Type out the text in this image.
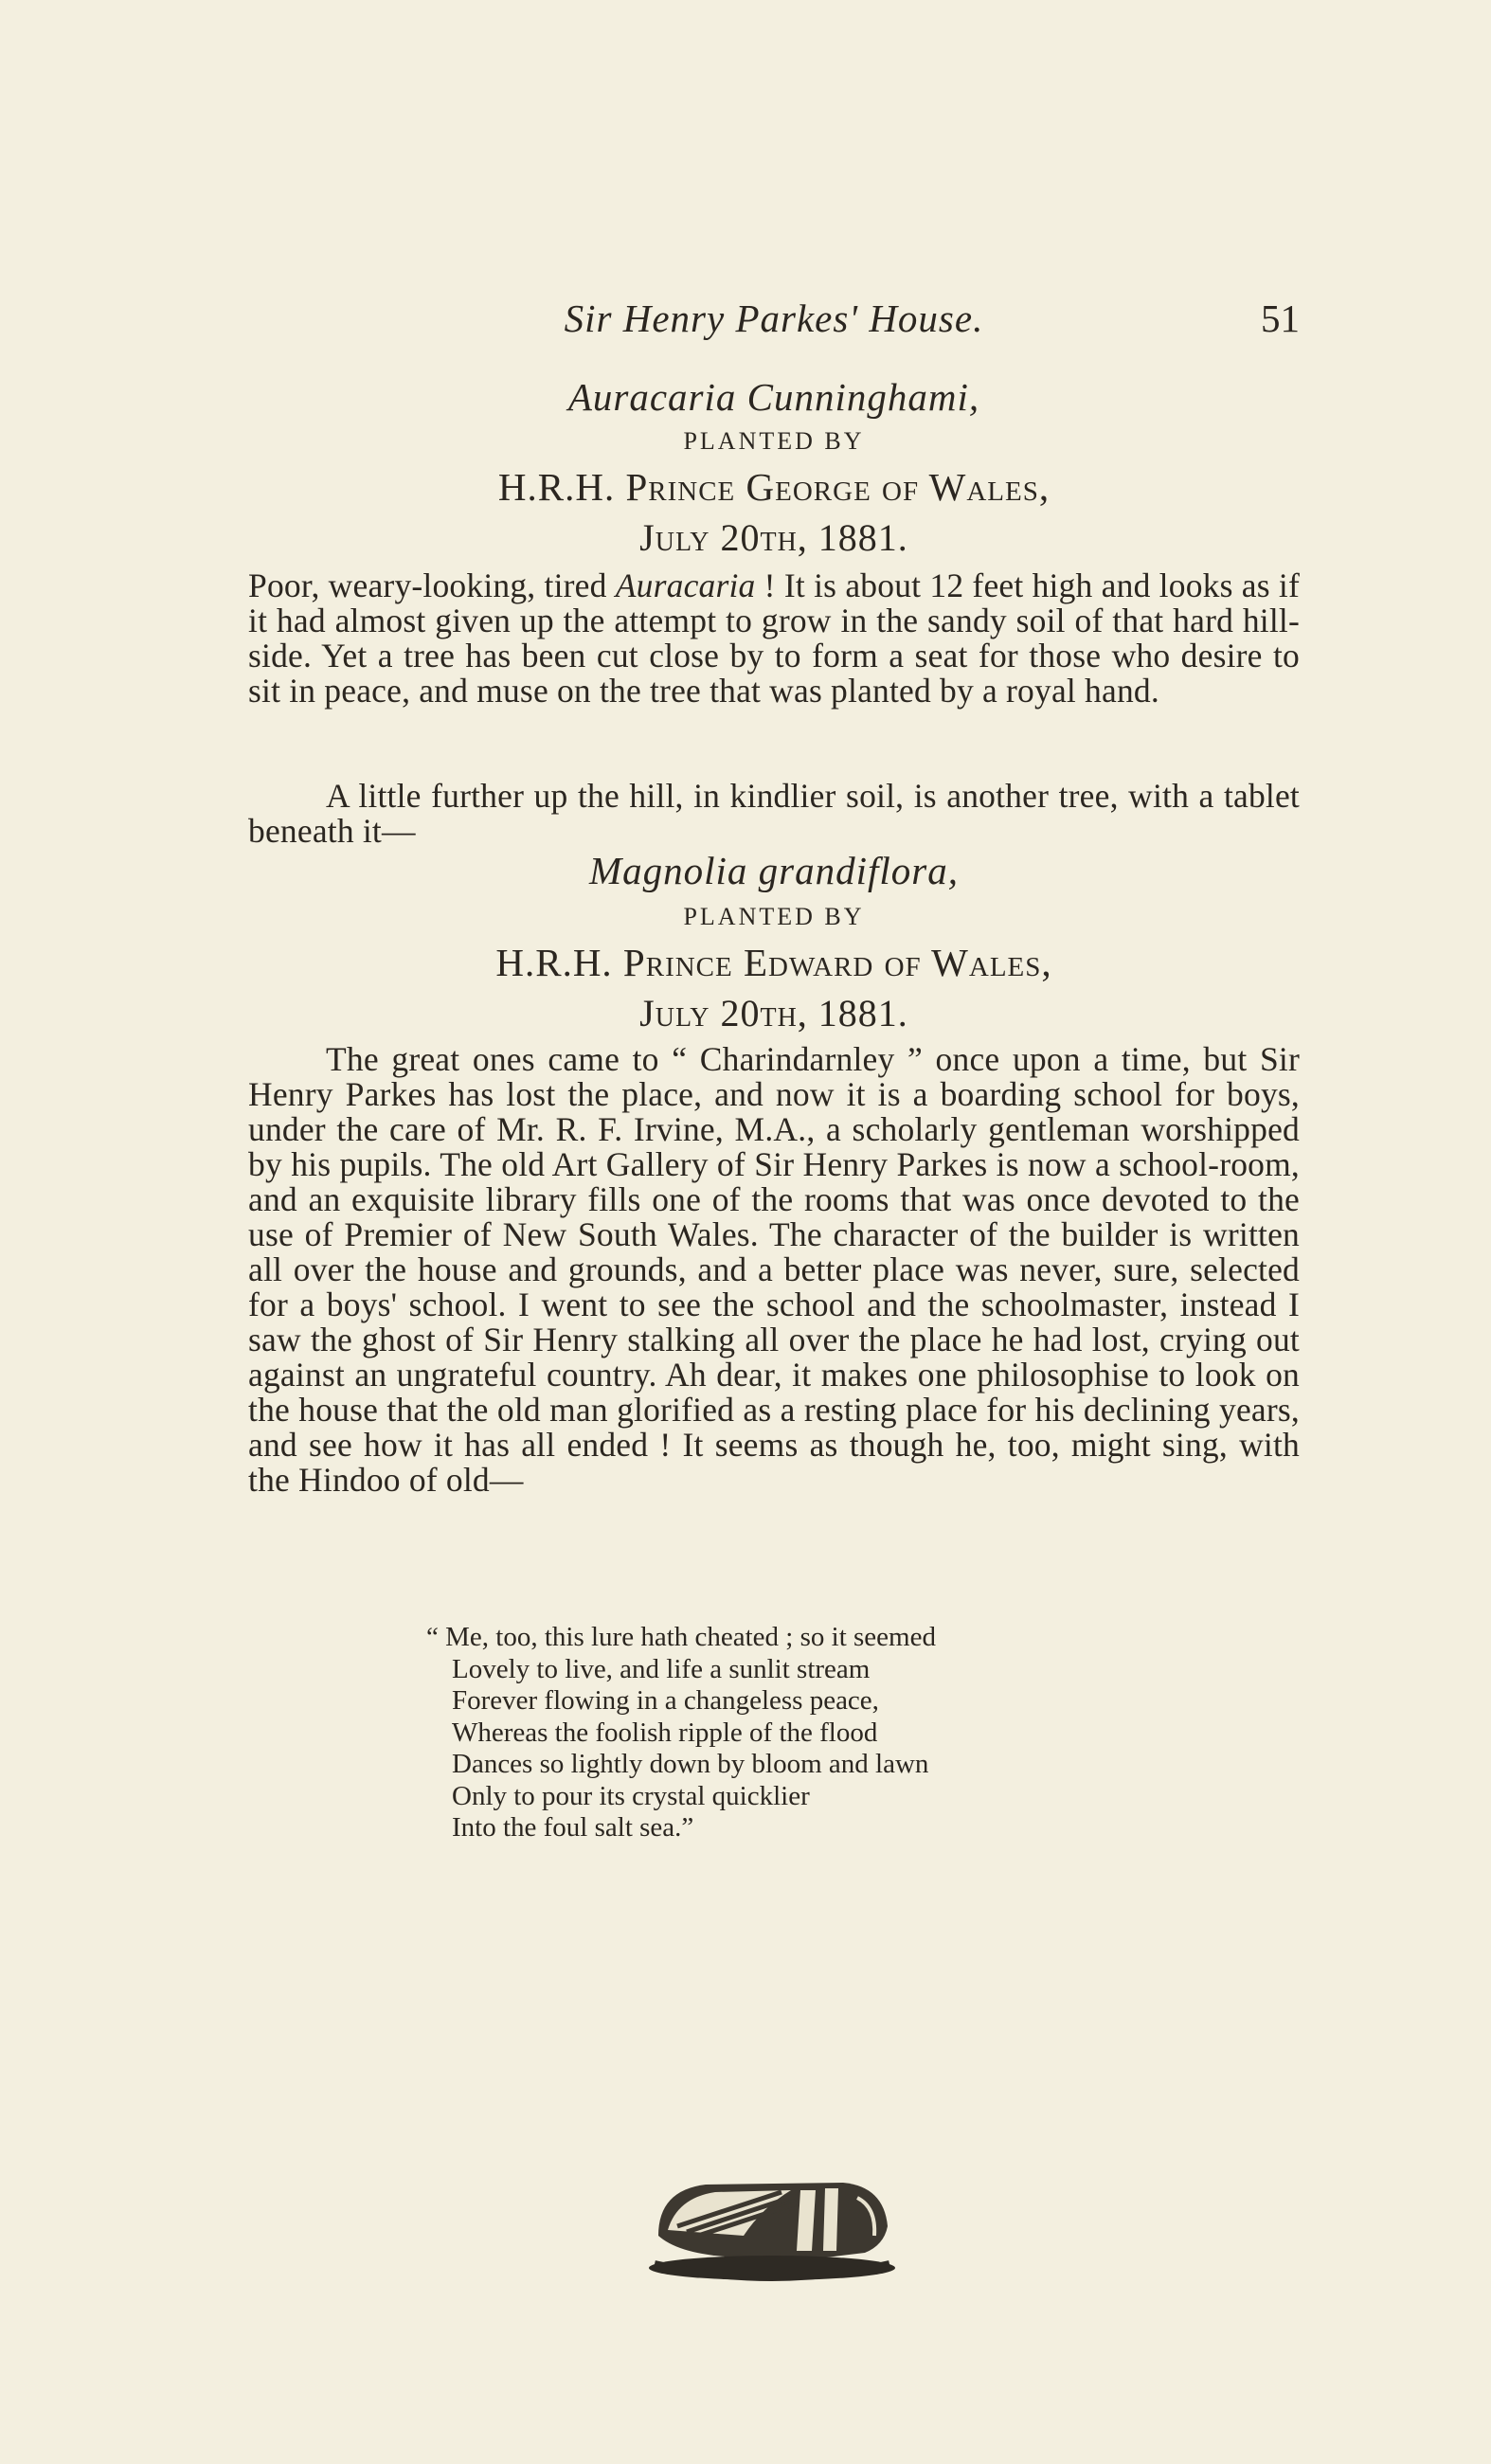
Sir Henry Parkes' House.	51
Auracaria Cunninghami,
PLANTED BY
H.R.H. Prince George of Wales,
July 20th, 1881.
Poor, weary-looking, tired Auracaria ! It is about 12 feet high and looks as if it had almost given up the attempt to grow in the sandy soil of that hard hill-side. Yet a tree has been cut close by to form a seat for those who desire to sit in peace, and muse on the tree that was planted by a royal hand.
A little further up the hill, in kindlier soil, is another tree, with a tablet beneath it—
Magnolia grandiflora,
PLANTED BY
H.R.H. Prince Edward of Wales,
July 20th, 1881.
The great ones came to “ Charindarnley ” once upon a time, but Sir Henry Parkes has lost the place, and now it is a boarding school for boys, under the care of Mr. R. F. Irvine, M.A., a scholarly gentleman worshipped by his pupils. The old Art Gallery of Sir Henry Parkes is now a school-room, and an exquisite library fills one of the rooms that was once devoted to the use of Premier of New South Wales. The character of the builder is written all over the house and grounds, and a better place was never, sure, selected for a boys' school. I went to see the school and the schoolmaster, instead I saw the ghost of Sir Henry stalking all over the place he had lost, crying out against an ungrateful country. Ah dear, it makes one philosophise to look on the house that the old man glorified as a resting place for his declining years, and see how it has all ended ! It seems as though he, too, might sing, with the Hindoo of old—
“ Me, too, this lure hath cheated ; so it seemed
Lovely to live, and life a sunlit stream
Forever flowing in a changeless peace,
Whereas the foolish ripple of the flood
Dances so lightly down by bloom and lawn
Only to pour its crystal quicklier
Into the foul salt sea.”
